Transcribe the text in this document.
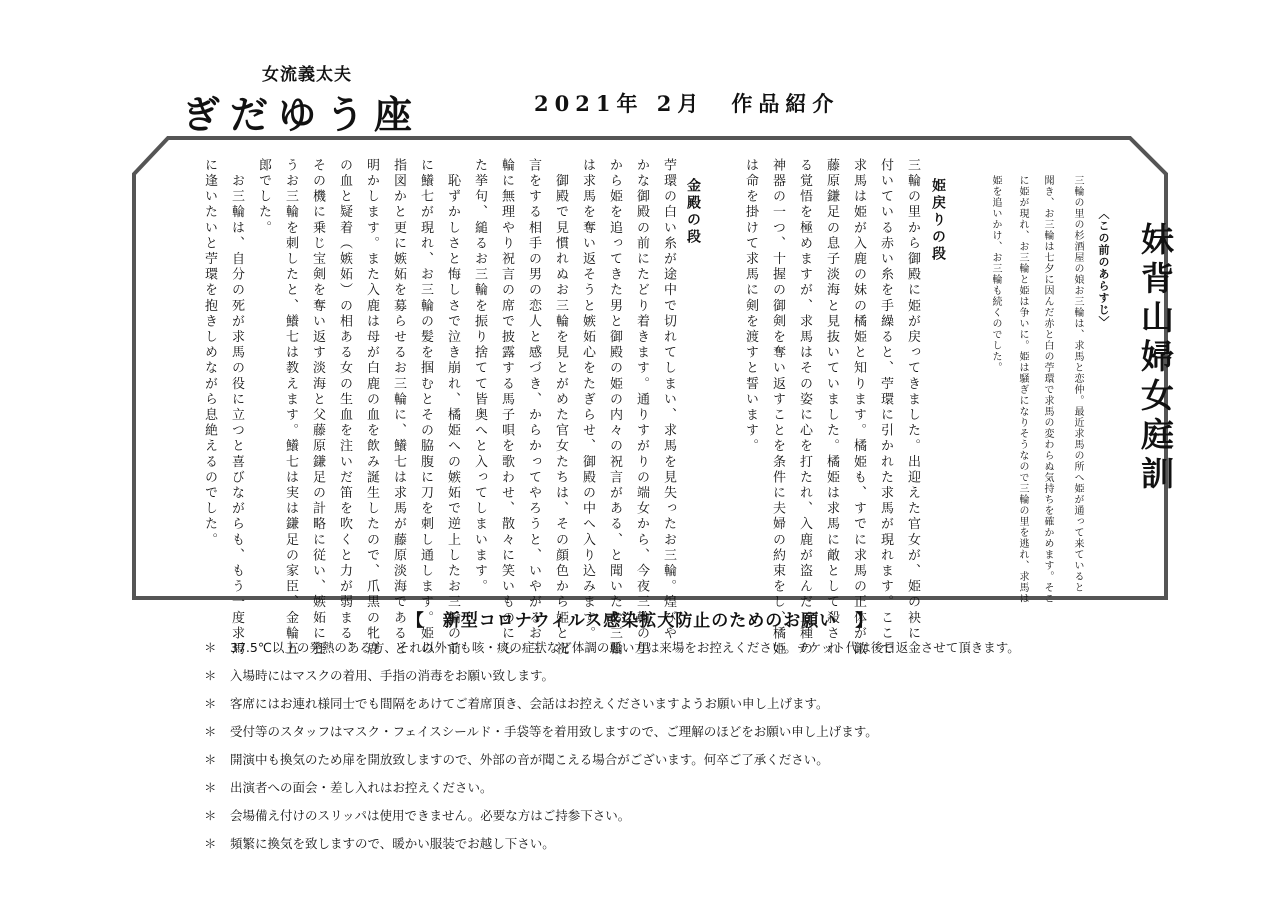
女流義太夫
ぎだゆう座	2021年 2月　作品紹介
妹背山婦女庭訓
〈この前のあらすじ〉
三輪の里の杉酒屋の娘お三輪は、求馬と恋仲。最近求馬の所へ姫が通って来ていると
聞き、お三輪は七夕に因んだ赤と白の苧環で求馬の変わらぬ気持ちを確かめます。そこ
に姫が現れ、お三輪と姫は争いに。姫は騒ぎになりそうなので三輪の里を逃れ、求馬は
姫を追いかけ、お三輪も続くのでした。
姫戻りの段
三輪の里から御殿に姫が戻ってきました。出迎えた官女が、姫の袂に
付いている赤い糸を手繰ると、苧環に引かれた求馬が現れます。ここで
求馬は姫が入鹿の妹の橘姫と知ります。橘姫も、すでに求馬の正体が敵
藤原鎌足の息子淡海と見抜いていました。橘姫は求馬に敵として殺され
る覚悟を極めますが、求馬はその姿に心を打たれ、入鹿が盗んだ三種の
神器の一つ、十握の御剣を奪い返すことを条件に夫婦の約束をし、橘姫
は命を掛けて求馬に剣を渡すと誓います。
金殿の段
苧環の白い糸が途中で切れてしまい、求馬を見失ったお三輪。煌びや
かな御殿の前にたどり着きます。通りすがりの端女から、今夜三輪の里
から姫を追ってきた男と御殿の姫の内々の祝言がある、と聞いたお三輪
は求馬を奪い返そうと嫉妬心をたぎらせ、御殿の中へ入り込みます。
　御殿で見慣れぬお三輪を見とがめた官女たちは、その顔色から姫と祝
言をする相手の男の恋人と感づき、からかってやろうと、いやがるお三
輪に無理やり祝言の席で披露する馬子唄を歌わせ、散々に笑いものにし
た挙句、縋るお三輪を振り捨てて皆奥へと入ってしまいます。
　恥ずかしさと悔しさで泣き崩れ、橘姫への嫉妬で逆上したお三輪の前
に鱶七が現れ、お三輪の髪を掴むとその脇腹に刀を刺し通します。姫の
指図かと更に嫉妬を募らせるお三輪に、鱶七は求馬が藤原淡海であると
明かします。また入鹿は母が白鹿の血を飲み誕生したので、爪黒の牝鹿
の血と疑着（嫉妬）の相ある女の生血を注いだ笛を吹くと力が弱まる、
その機に乗じ宝剣を奪い返す淡海と父藤原鎌足の計略に従い、嫉妬に狂
うお三輪を刺したと、鱶七は教えます。鱶七は実は鎌足の家臣、金輪五
郎でした。
　お三輪は、自分の死が求馬の役に立つと喜びながらも、もう一度求馬
に逢いたいと苧環を抱きしめながら息絶えるのでした。
【　新型コロナウィルス感染拡大防止のためのお願い　】
＊ 37.5℃以上の発熱のある方、それ以外でも咳・痰の症状など体調の悪い方は来場をお控えください。チケット代は後日返金させて頂きます。
＊ 入場時にはマスクの着用、手指の消毒をお願い致します。
＊ 客席にはお連れ様同士でも間隔をあけてご着席頂き、会話はお控えくださいますようお願い申し上げます。
＊ 受付等のスタッフはマスク・フェイスシールド・手袋等を着用致しますので、ご理解のほどをお願い申し上げます。
＊ 開演中も換気のため扉を開放致しますので、外部の音が聞こえる場合がございます。何卒ご了承ください。
＊ 出演者への面会・差し入れはお控えください。
＊ 会場備え付けのスリッパは使用できません。必要な方はご持参下さい。
＊ 頻繁に換気を致しますので、暖かい服装でお越し下さい。
